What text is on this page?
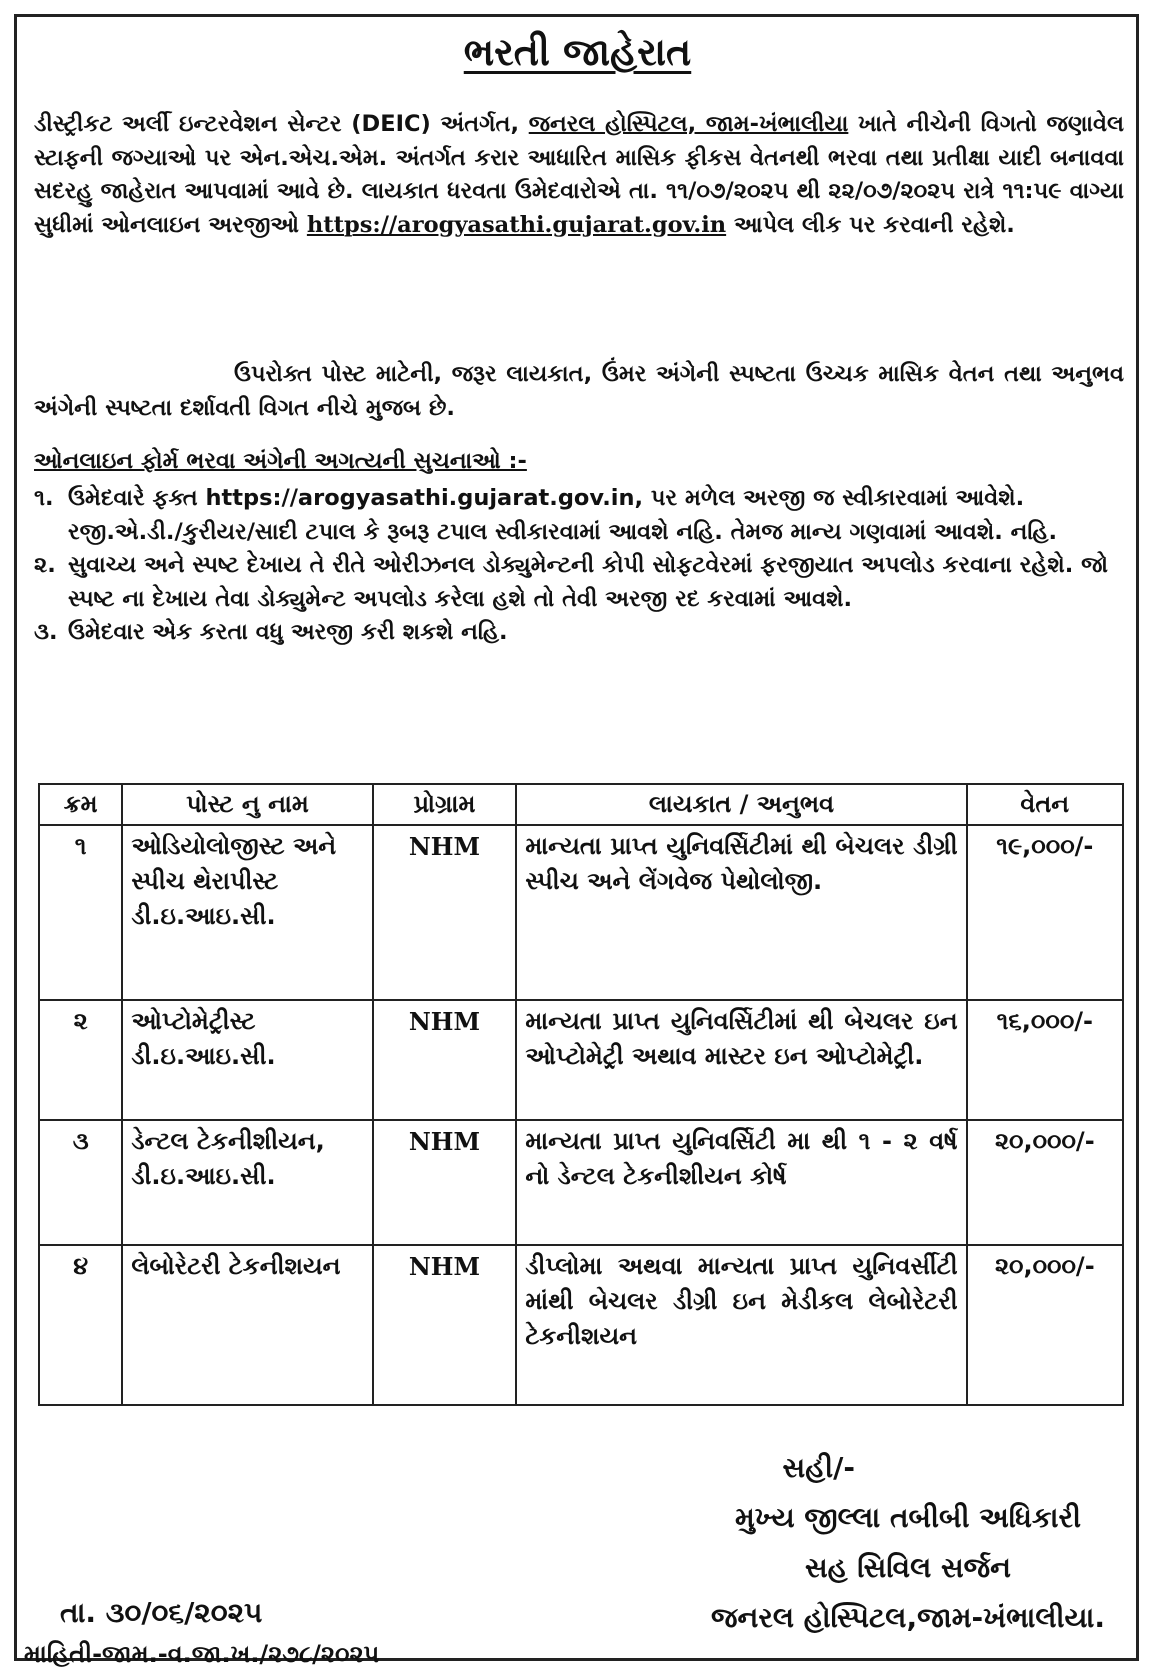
ભરતી જાહેરાત
ડીસ્ટ્રીકટ અર્લી ઇન્ટરવેશન સેન્ટર (DEIC) અંતર્ગત, જનરલ હોસ્પિટલ, જામ-ખંભાલીયા ખાતે નીચેની વિગતો જણાવેલ સ્ટાફની જગ્યાઓ પર એન.એચ.એમ. અંતર્ગત કરાર આધારિત માસિક ફીકસ વેતનથી ભરવા તથા પ્રતીક્ષા યાદી બનાવવા સદરહુ જાહેરાત આપવામાં આવે છે. લાયકાત ધરવતા ઉમેદવારોએ તા. ૧૧/૦૭/૨૦૨૫ થી ૨૨/૦૭/૨૦૨૫ રાત્રે ૧૧:૫૯ વાગ્યા સુધીમાં ઓનલાઇન અરજીઓ https://arogyasathi.gujarat.gov.in આપેલ લીક પર કરવાની રહેશે.
ઉપરોક્ત પોસ્ટ માટેની, જરૂર લાયકાત, ઉંમર અંગેની સ્પષ્ટતા ઉચ્ચક માસિક વેતન તથા અનુભવ અંગેની સ્પષ્ટતા દર્શાવતી વિગત નીચે મુજબ છે.
ઓનલાઇન ફોર્મ ભરવા અંગેની અગત્યની સુચનાઓ :-
૧. ઉમેદવારે ફક્ત https://arogyasathi.gujarat.gov.in, પર મળેલ અરજી જ સ્વીકારવામાં આવેશે. રજી.એ.ડી./કુરીયર/સાદી ટપાલ કે રૂબરૂ ટપાલ સ્વીકારવામાં આવશે નહિ. તેમજ માન્ય ગણવામાં આવશે. નહિ.
૨. સુવાચ્ય અને સ્પષ્ટ દેખાય તે રીતે ઓરીઝનલ ડોક્યુમેન્ટની કોપી સોફટવેરમાં ફરજીયાત અપલોડ કરવાના રહેશે. જો સ્પષ્ટ ના દેખાય તેવા ડોક્યુમેન્ટ અપલોડ કરેલા હશે તો તેવી અરજી રદ કરવામાં આવશે.
૩. ઉમેદવાર એક કરતા વધુ અરજી કરી શકશે નહિ.
ક્રમ	પોસ્ટ નુ નામ	પ્રોગ્રામ	લાયકાત / અનુભવ	વેતન
૧	ઓડિયોલોજીસ્ટ અને સ્પીચ થેરાપીસ્ટ ડી.ઇ.આઇ.સી.	NHM	માન્યતા પ્રાપ્ત યુનિવર્સિટીમાં થી બેચલર ડીગ્રી સ્પીચ અને લેંગવેજ પેથોલોજી.	૧૯,૦૦૦/-
૨	ઓપ્ટોમેટ્રીસ્ટ ડી.ઇ.આઇ.સી.	NHM	માન્યતા પ્રાપ્ત યુનિવર્સિટીમાં થી બેચલર ઇન ઓપ્ટોમેટ્રી અથાવ માસ્ટર ઇન ઓપ્ટોમેટ્રી.	૧૬,૦૦૦/-
૩	ડેન્ટલ ટેકનીશીયન, ડી.ઇ.આઇ.સી.	NHM	માન્યતા પ્રાપ્ત યુનિવર્સિટી મા થી ૧ - ૨ વર્ષ નો ડેન્ટલ ટેકનીશીયન કોર્ષ	૨૦,૦૦૦/-
૪	લેબોરેટરી ટેકનીશયન	NHM	ડીપ્લોમા અથવા માન્યતા પ્રાપ્ત યુનિવર્સીટી માંથી બેચલર ડીગ્રી ઇન મેડીકલ લેબોરેટરી ટેકનીશયન	૨૦,૦૦૦/-
સહી/-
મુખ્ય જીલ્લા તબીબી અધિકારી
સહ સિવિલ સર્જન
જનરલ હોસ્પિટલ,જામ-ખંભાલીયા.
તા. ૩૦/૦૬/૨૦૨૫
માહિતી-જામ.-વ.જા.ખ./૨૭૮/૨૦૨૫
